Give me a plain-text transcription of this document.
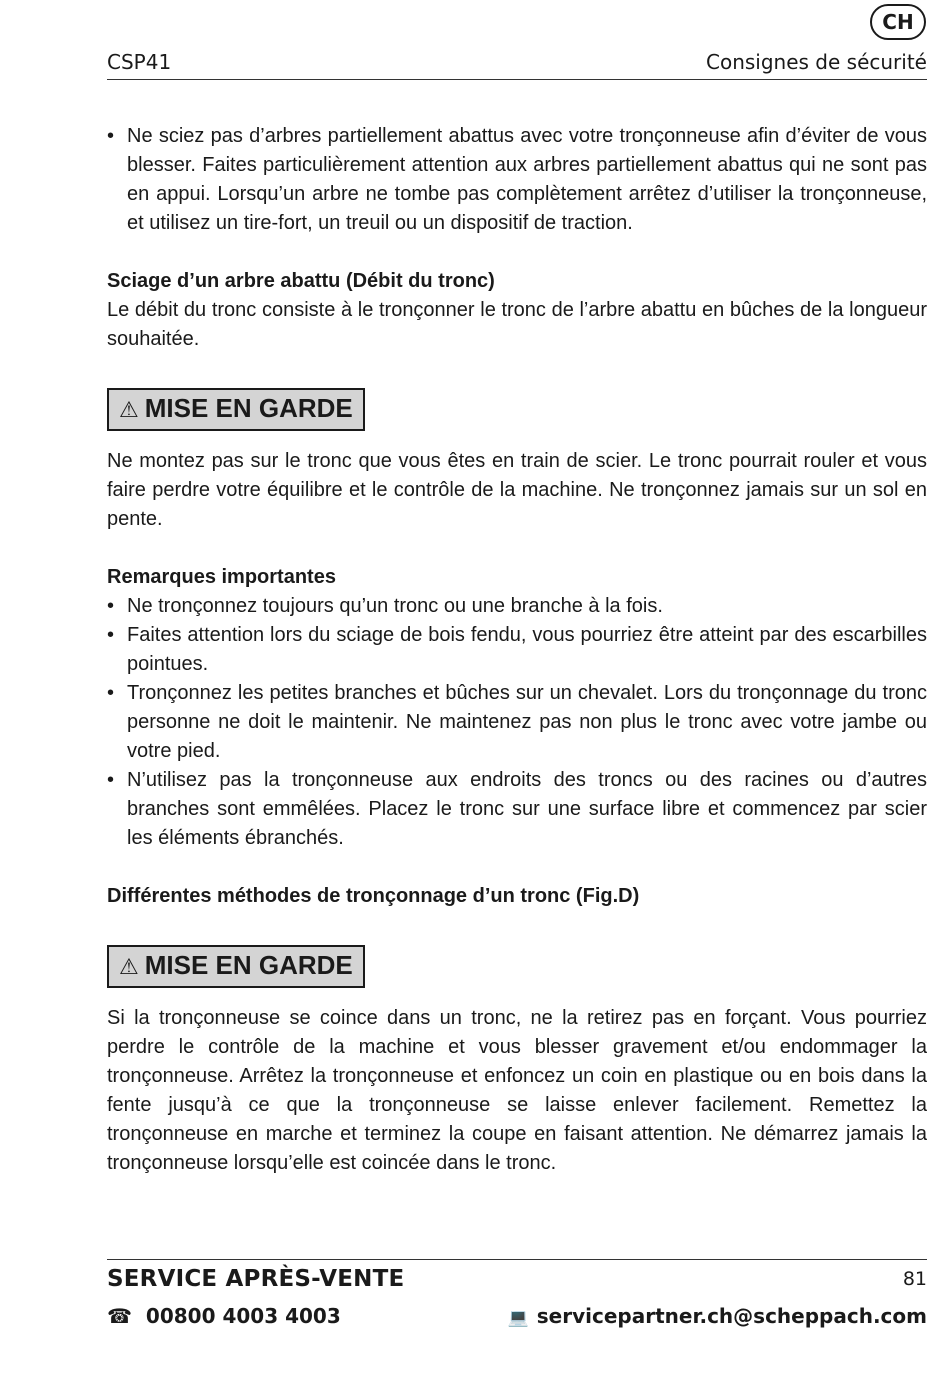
CH
CSP41	Consignes de sécurité
• Ne sciez pas d’arbres partiellement abattus avec votre tronçonneuse afin d’éviter de vous blesser. Faites particulièrement attention aux arbres partiellement abattus qui ne sont pas en appui. Lorsqu’un arbre ne tombe pas complètement arrêtez d’utiliser la tronçonneuse, et utilisez un tire-fort, un treuil ou un dispositif de traction.

Sciage d’un arbre abattu (Débit du tronc)

Le débit du tronc consiste à le tronçonner le tronc de l’arbre abattu en bûches de la longueur souhaitée.

⚠ MISE EN GARDE

Ne montez pas sur le tronc que vous êtes en train de scier. Le tronc pourrait rouler et vous faire perdre votre équilibre et le contrôle de la machine. Ne tronçonnez jamais sur un sol en pente.

Remarques importantes

• Ne tronçonnez toujours qu’un tronc ou une branche à la fois.
• Faites attention lors du sciage de bois fendu, vous pourriez être atteint par des escarbilles pointues.
• Tronçonnez les petites branches et bûches sur un chevalet. Lors du tronçonnage du tronc personne ne doit le maintenir. Ne maintenez pas non plus le tronc avec votre jambe ou votre pied.
• N’utilisez pas la tronçonneuse aux endroits des troncs ou des racines ou d’autres branches sont emmêlées. Placez le tronc sur une surface libre et commencez par scier les éléments ébranchés.

Différentes méthodes de tronçonnage d’un tronc (Fig.D)

⚠ MISE EN GARDE

Si la tronçonneuse se coince dans un tronc, ne la retirez pas en forçant. Vous pourriez perdre le contrôle de la machine et vous blesser gravement et/ou endommager la tronçonneuse. Arrêtez la tronçonneuse et enfoncez un coin en plastique ou en bois dans la fente jusqu’à ce que la tronçonneuse se laisse enlever facilement. Remettez la tronçonneuse en marche et terminez la coupe en faisant attention. Ne démarrez jamais la tronçonneuse lorsqu’elle est coincée dans le tronc.

SERVICE APRÈS-VENTE	81
☎ 00800 4003 4003	💻 servicepartner.ch@scheppach.com
